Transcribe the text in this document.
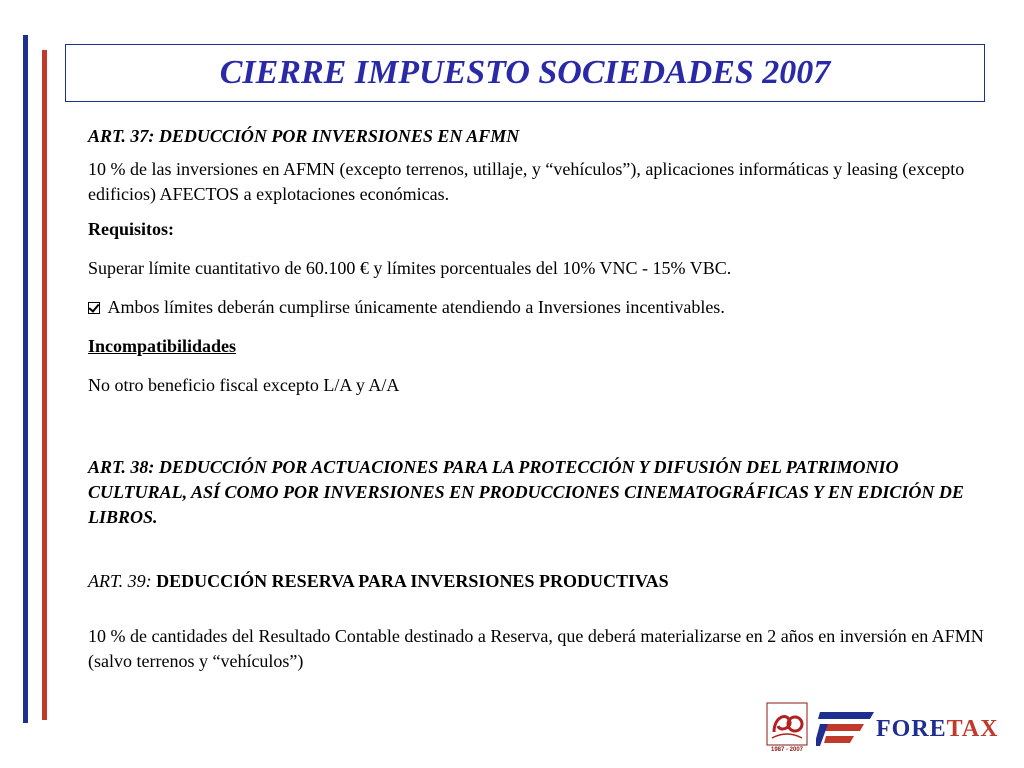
CIERRE IMPUESTO SOCIEDADES 2007

ART. 37: DEDUCCIÓN POR INVERSIONES EN AFMN

10 % de las inversiones en AFMN (excepto terrenos, utillaje, y “vehículos”), aplicaciones informáticas y leasing (excepto edificios) AFECTOS a explotaciones económicas.

Requisitos:

Superar límite cuantitativo de 60.100 € y límites porcentuales del 10% VNC - 15% VBC.

Ambos límites deberán cumplirse únicamente atendiendo a Inversiones incentivables.

Incompatibilidades

No otro beneficio fiscal excepto L/A y A/A

ART. 38: DEDUCCIÓN POR ACTUACIONES PARA LA PROTECCIÓN Y DIFUSIÓN DEL PATRIMONIO CULTURAL, ASÍ COMO POR INVERSIONES EN PRODUCCIONES CINEMATOGRÁFICAS Y EN EDICIÓN DE LIBROS.

ART. 39: DEDUCCIÓN RESERVA PARA INVERSIONES PRODUCTIVAS

10 % de cantidades del Resultado Contable destinado a Reserva, que deberá materializarse en 2 años en inversión en AFMN (salvo terrenos y “vehículos”)

1987 - 2007
FORETAX
